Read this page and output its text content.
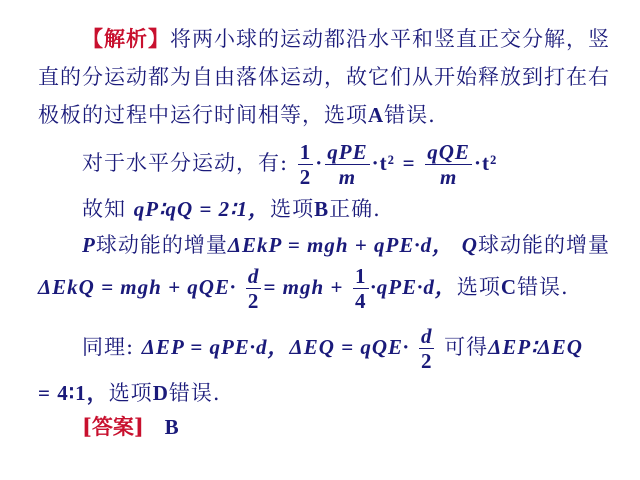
【解析】将两小球的运动都沿水平和竖直正交分解，竖
直的分运动都为自由落体运动，故它们从开始释放到打在右
极板的过程中运行时间相等，选项A错误.
对于水平分运动，有: $\frac{1}{2} \cdot \frac{\text{qPE}}{m} \cdot t^2 = \frac{\text{qQE}}{m} \cdot t^2$
故知 qP∶qQ = 2∶1，选项B正确.
P球动能的增量ΔEkP = mgh + qPE·d， Q球动能的增量
ΔEkQ = mgh + $qQE\cdot \frac{d}{2}$ = mgh + $\frac{1}{4} \cdot qPE\cdot d$，选项C错误.
同理: ΔEP = qPE·d，$\Delta EQ = qQE\cdot \frac{d}{2}$ 可得ΔEP∶ΔEQ
= 4∶1，选项D错误.
[答案] B
